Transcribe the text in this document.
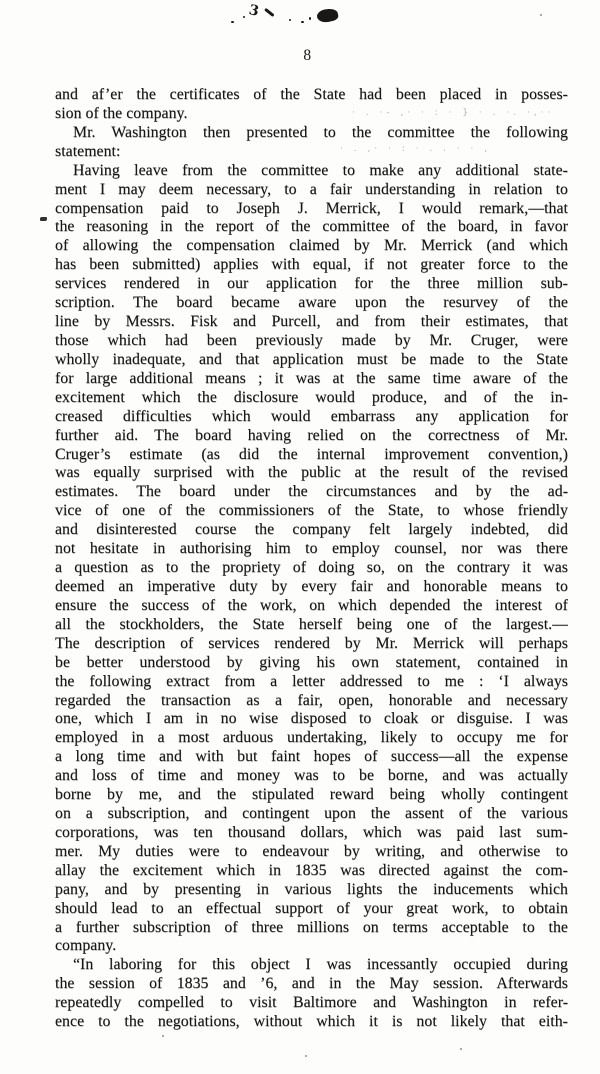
3
8
· . ·- ,· · : · } · . ·. ·,··
· . ,· · : · . . · · ,
and af’er the certificates of the State had been placed in posses-
sion of the company.
Mr. Washington then presented to the committee the following
statement:
Having leave from the committee to make any additional state-
ment I may deem necessary, to a fair understanding in relation to
compensation paid to Joseph J. Merrick, I would remark,—that
the reasoning in the report of the committee of the board, in favor
of allowing the compensation claimed by Mr. Merrick (and which
has been submitted) applies with equal, if not greater force to the
services rendered in our application for the three million sub-
scription. The board became aware upon the resurvey of the
line by Messrs. Fisk and Purcell, and from their estimates, that
those which had been previously made by Mr. Cruger, were
wholly inadequate, and that application must be made to the State
for large additional means ; it was at the same time aware of the
excitement which the disclosure would produce, and of the in-
creased difficulties which would embarrass any application for
further aid. The board having relied on the correctness of Mr.
Cruger’s estimate (as did the internal improvement convention,)
was equally surprised with the public at the result of the revised
estimates. The board under the circumstances and by the ad-
vice of one of the commissioners of the State, to whose friendly
and disinterested course the company felt largely indebted, did
not hesitate in authorising him to employ counsel, nor was there
a question as to the propriety of doing so, on the contrary it was
deemed an imperative duty by every fair and honorable means to
ensure the success of the work, on which depended the interest of
all the stockholders, the State herself being one of the largest.—
The description of services rendered by Mr. Merrick will perhaps
be better understood by giving his own statement, contained in
the following extract from a letter addressed to me : ‘I always
regarded the transaction as a fair, open, honorable and necessary
one, which I am in no wise disposed to cloak or disguise. I was
employed in a most arduous undertaking, likely to occupy me for
a long time and with but faint hopes of success—all the expense
and loss of time and money was to be borne, and was actually
borne by me, and the stipulated reward being wholly contingent
on a subscription, and contingent upon the assent of the various
corporations, was ten thousand dollars, which was paid last sum-
mer. My duties were to endeavour by writing, and otherwise to
allay the excitement which in 1835 was directed against the com-
pany, and by presenting in various lights the inducements which
should lead to an effectual support of your great work, to obtain
a further subscription of three millions on terms acceptable to the
company.
“In laboring for this object I was incessantly occupied during
the session of 1835 and ’6, and in the May session. Afterwards
repeatedly compelled to visit Baltimore and Washington in refer-
ence to the negotiations, without which it is not likely that eith-
